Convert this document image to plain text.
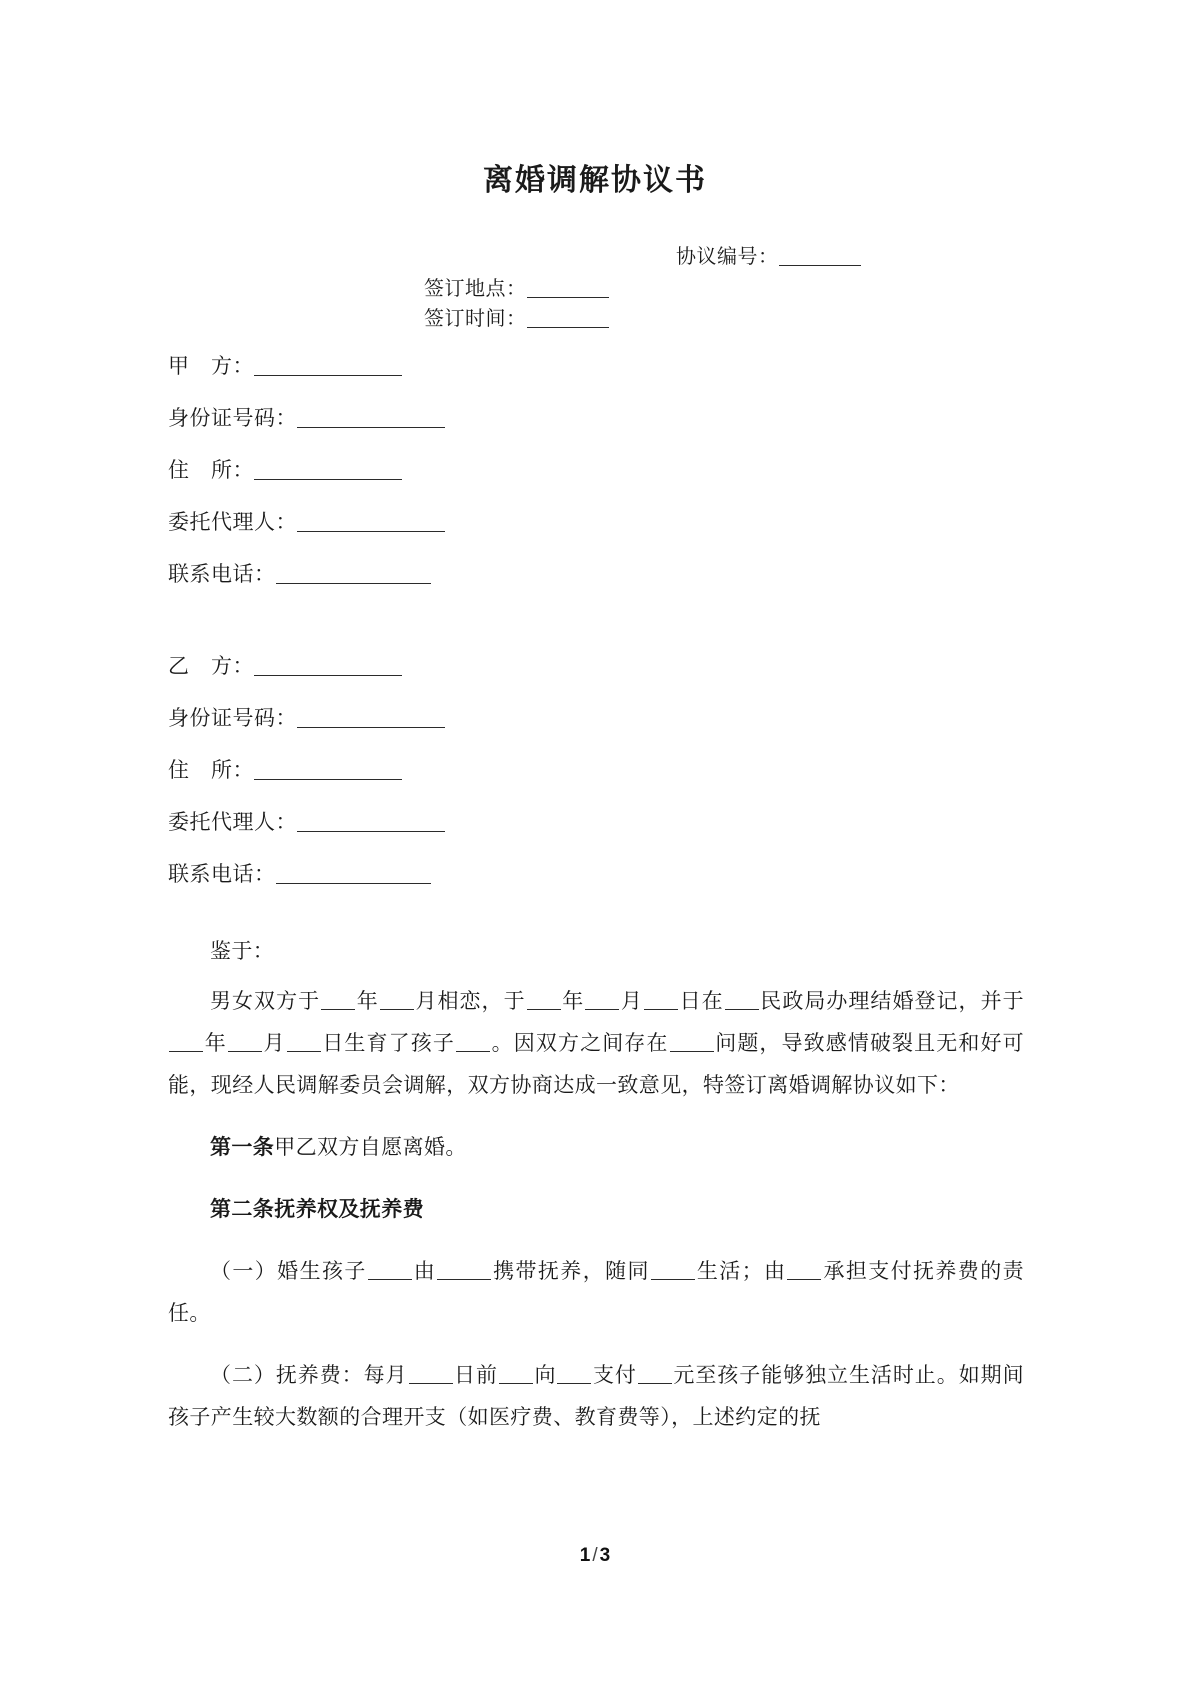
离婚调解协议书
协议编号：
签订地点：
签订时间：
甲　方：
身份证号码：
住　所：
委托代理人：
联系电话：
乙　方：
身份证号码：
住　所：
委托代理人：
联系电话：

鉴于：

男女双方于 年 月相恋，于 年 月 日在 民政局办理结婚登记，并于年 月 日生育了孩子 。因双方之间存在 问题，导致感情破裂且无和好可能，现经人民调解委员会调解，双方协商达成一致意见，特签订离婚调解协议如下：

第一条甲乙双方自愿离婚。

第二条抚养权及抚养费

（一）婚生孩子 由	携带抚养，随同 生活；由 承担支付抚养费的责任。

（二）抚养费：每月 日前 向 支付 元至孩子能够独立生活时止。如期间孩子产生较大数额的合理开支（如医疗费、教育费等），上述约定的抚

1 / 3
